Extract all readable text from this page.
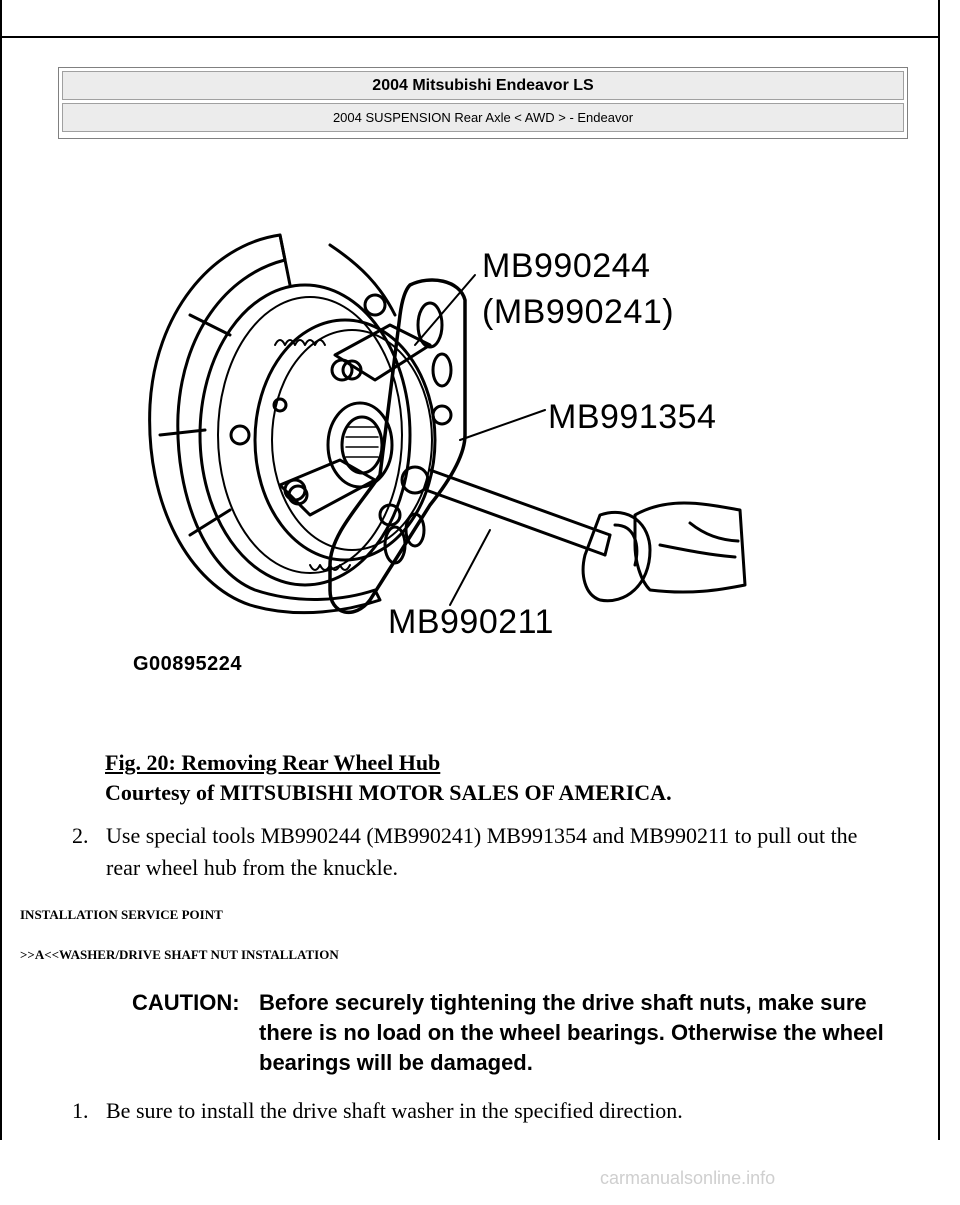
2004 Mitsubishi Endeavor LS
2004 SUSPENSION Rear Axle < AWD > - Endeavor
MB990244
(MB990241)
MB991354
MB990211
G00895224
Fig. 20: Removing Rear Wheel Hub
Courtesy of MITSUBISHI MOTOR SALES OF AMERICA.
2. Use special tools MB990244 (MB990241) MB991354 and MB990211 to pull out the rear wheel hub from the knuckle.
INSTALLATION SERVICE POINT
>>A<<WASHER/DRIVE SHAFT NUT INSTALLATION
CAUTION: Before securely tightening the drive shaft nuts, make sure there is no load on the wheel bearings. Otherwise the wheel bearings will be damaged.
1. Be sure to install the drive shaft washer in the specified direction.
carmanualsonline.info
